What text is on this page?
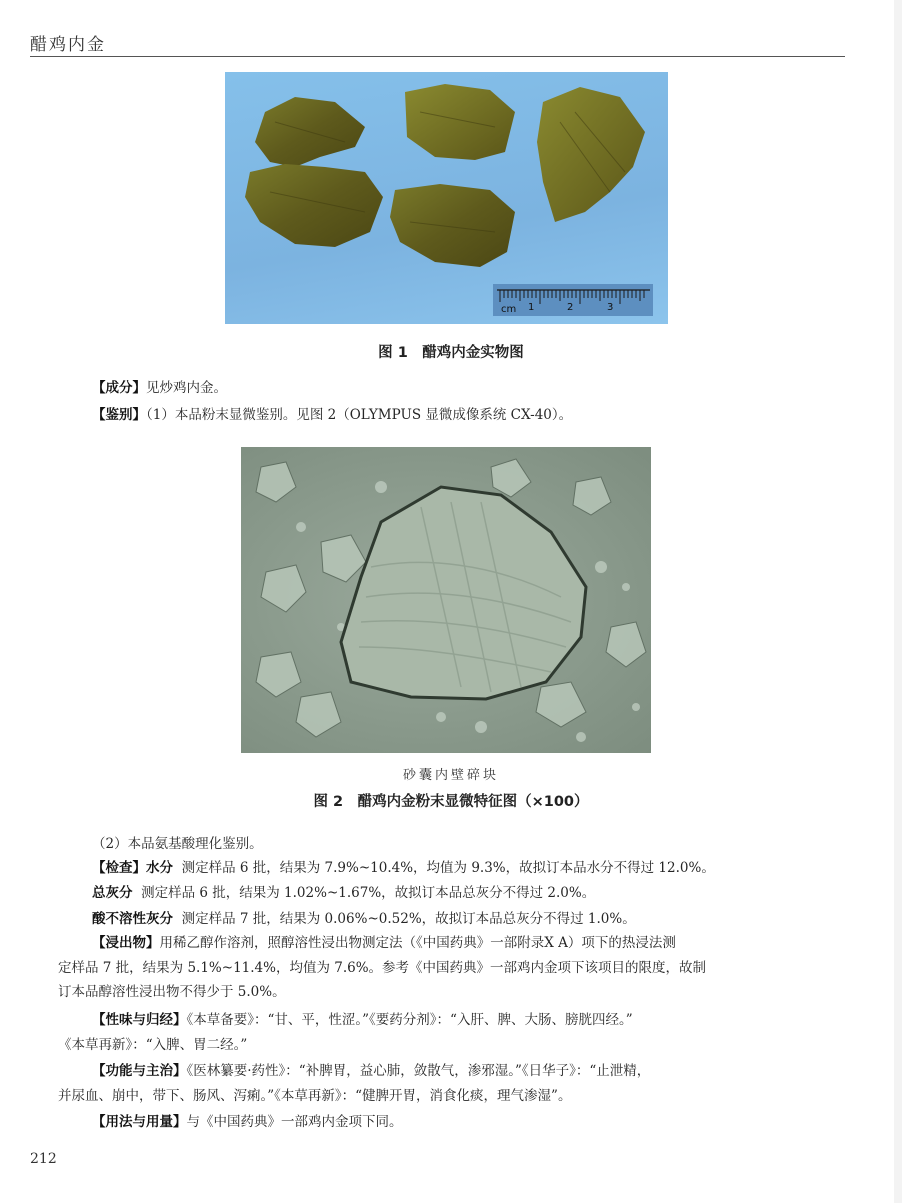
醋鸡内金
cm 1	2	3
图 1　醋鸡内金实物图
【成分】见炒鸡内金。
【鉴别】（1）本品粉末显微鉴别。见图 2（OLYMPUS 显微成像系统 CX-40）。
砂囊内壁碎块
图 2　醋鸡内金粉末显微特征图（×100）
（2）本品氨基酸理化鉴别。
【检查】水分 测定样品 6 批，结果为 7.9%~10.4%，均值为 9.3%，故拟订本品水分不得过 12.0%。
总灰分 测定样品 6 批，结果为 1.02%~1.67%，故拟订本品总灰分不得过 2.0%。
酸不溶性灰分 测定样品 7 批，结果为 0.06%~0.52%，故拟订本品总灰分不得过 1.0%。
【浸出物】用稀乙醇作溶剂，照醇溶性浸出物测定法（《中国药典》一部附录Ⅹ A）项下的热浸法测
定样品 7 批，结果为 5.1%~11.4%，均值为 7.6%。参考《中国药典》一部鸡内金项下该项目的限度，故制
订本品醇溶性浸出物不得少于 5.0%。
【性味与归经】《本草备要》：“甘、平，性涩。”《要药分剂》：“入肝、脾、大肠、膀胱四经。”
《本草再新》：“入脾、胃二经。”
【功能与主治】《医林纂要·药性》：“补脾胃，益心肺，敛散气，渗邪湿。”《日华子》：“止泄精，
并尿血、崩中，带下、肠风、泻痢。”《本草再新》：“健脾开胃，消食化痰，理气渗湿”。
【用法与用量】与《中国药典》一部鸡内金项下同。
212
